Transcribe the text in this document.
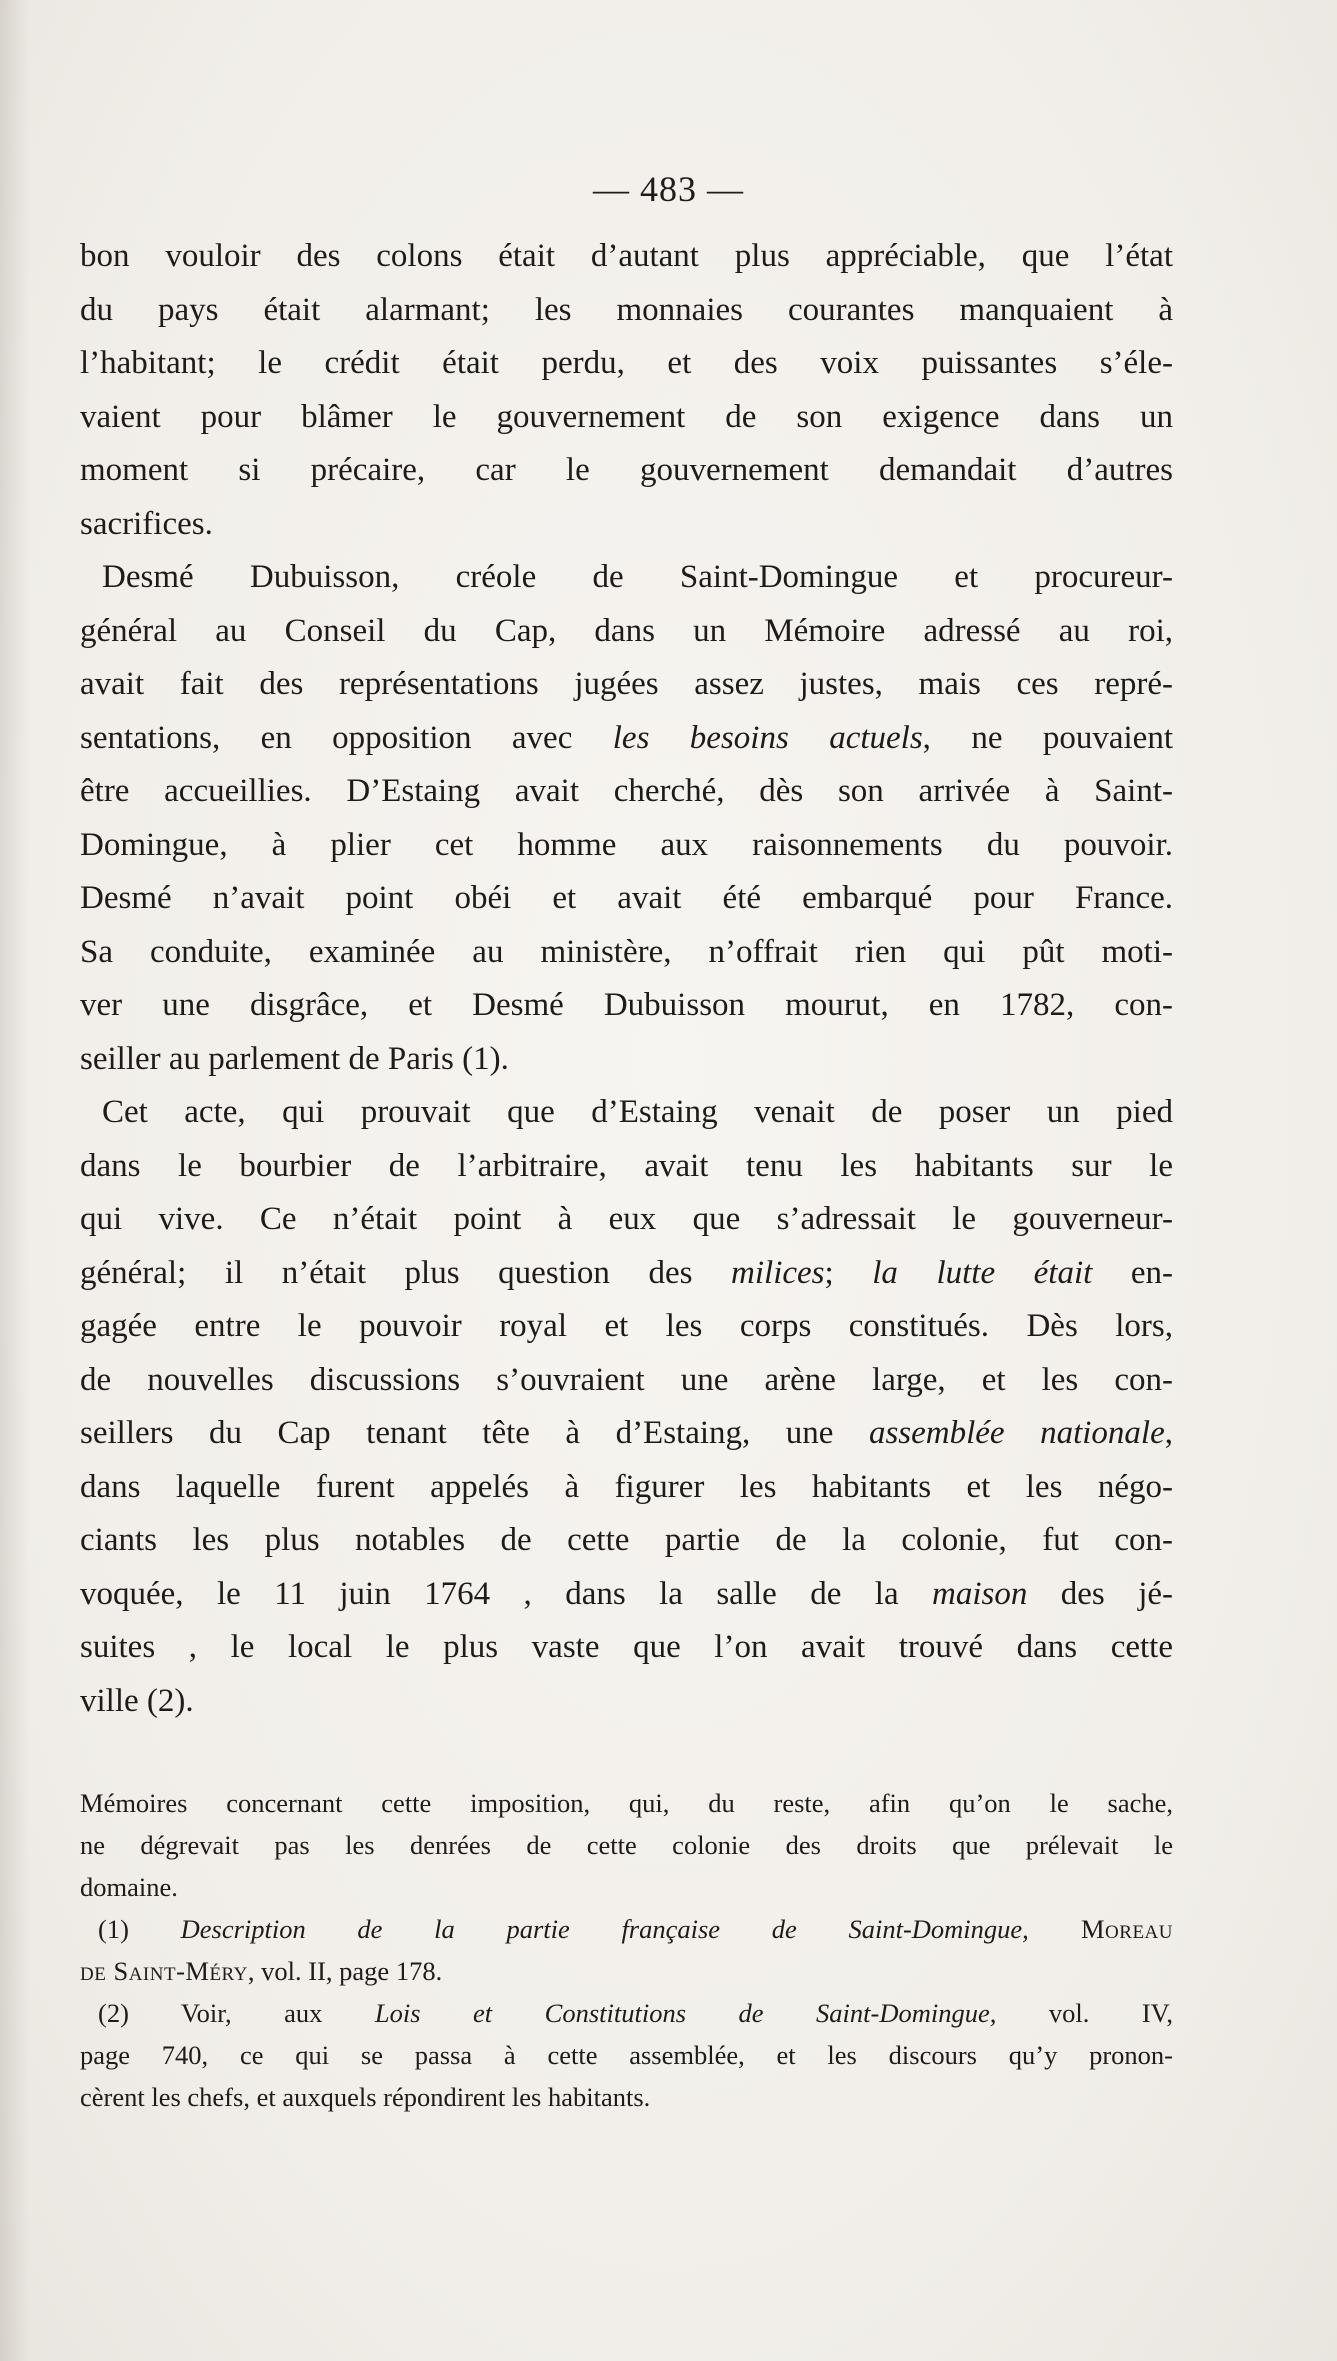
— 483 —
bon vouloir des colons était d’autant plus appréciable, que l’état
du pays était alarmant; les monnaies courantes manquaient à
l’habitant; le crédit était perdu, et des voix puissantes s’éle-
vaient pour blâmer le gouvernement de son exigence dans un
moment si précaire, car le gouvernement demandait d’autres
sacrifices.
Desmé Dubuisson, créole de Saint-Domingue et procureur-
général au Conseil du Cap, dans un Mémoire adressé au roi,
avait fait des représentations jugées assez justes, mais ces repré-
sentations, en opposition avec les besoins actuels, ne pouvaient
être accueillies. D’Estaing avait cherché, dès son arrivée à Saint-
Domingue, à plier cet homme aux raisonnements du pouvoir.
Desmé n’avait point obéi et avait été embarqué pour France.
Sa conduite, examinée au ministère, n’offrait rien qui pût moti-
ver une disgrâce, et Desmé Dubuisson mourut, en 1782, con-
seiller au parlement de Paris (1).
Cet acte, qui prouvait que d’Estaing venait de poser un pied
dans le bourbier de l’arbitraire, avait tenu les habitants sur le
qui vive. Ce n’était point à eux que s’adressait le gouverneur-
général; il n’était plus question des milices; la lutte était en-
gagée entre le pouvoir royal et les corps constitués. Dès lors,
de nouvelles discussions s’ouvraient une arène large, et les con-
seillers du Cap tenant tête à d’Estaing, une assemblée nationale,
dans laquelle furent appelés à figurer les habitants et les négo-
ciants les plus notables de cette partie de la colonie, fut con-
voquée, le 11 juin 1764 , dans la salle de la maison des jé-
suites , le local le plus vaste que l’on avait trouvé dans cette
ville (2).
Mémoires concernant cette imposition, qui, du reste, afin qu’on le sache,
ne dégrevait pas les denrées de cette colonie des droits que prélevait le
domaine.
(1) Description de la partie française de Saint-Domingue, Moreau
de Saint-Méry, vol. II, page 178.
(2) Voir, aux Lois et Constitutions de Saint-Domingue, vol. IV,
page 740, ce qui se passa à cette assemblée, et les discours qu’y pronon-
cèrent les chefs, et auxquels répondirent les habitants.
